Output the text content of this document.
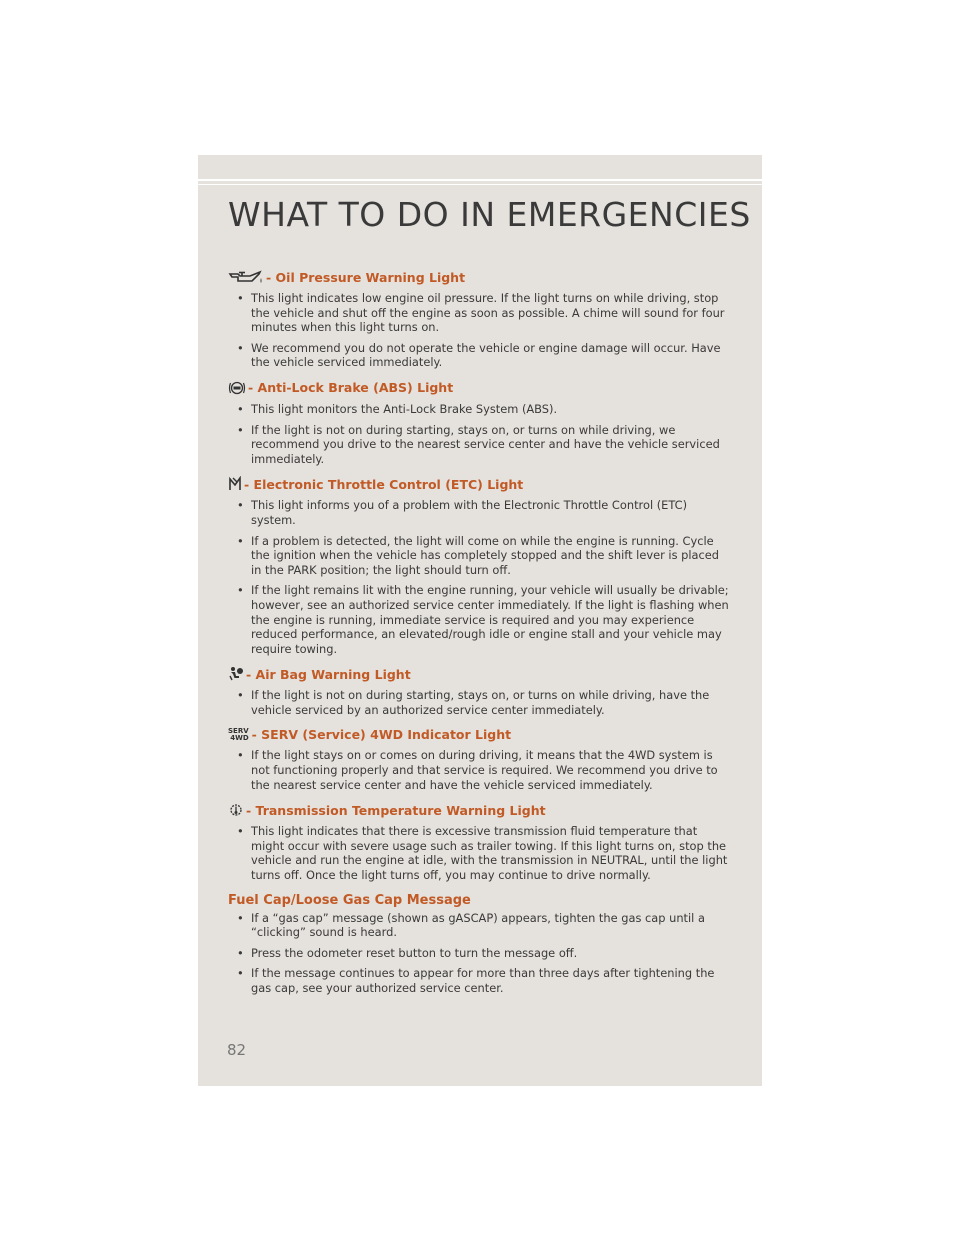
WHAT TO DO IN EMERGENCIES
- Oil Pressure Warning Light
• This light indicates low engine oil pressure. If the light turns on while driving, stop the vehicle and shut off the engine as soon as possible. A chime will sound for four minutes when this light turns on.
• We recommend you do not operate the vehicle or engine damage will occur. Have the vehicle serviced immediately.
- Anti-Lock Brake (ABS) Light
• This light monitors the Anti-Lock Brake System (ABS).
• If the light is not on during starting, stays on, or turns on while driving, we recommend you drive to the nearest service center and have the vehicle serviced immediately.
- Electronic Throttle Control (ETC) Light
• This light informs you of a problem with the Electronic Throttle Control (ETC) system.
• If a problem is detected, the light will come on while the engine is running. Cycle the ignition when the vehicle has completely stopped and the shift lever is placed in the PARK position; the light should turn off.
• If the light remains lit with the engine running, your vehicle will usually be drivable; however, see an authorized service center immediately. If the light is flashing when the engine is running, immediate service is required and you may experience reduced performance, an elevated/rough idle or engine stall and your vehicle may require towing.
- Air Bag Warning Light
• If the light is not on during starting, stays on, or turns on while driving, have the vehicle serviced by an authorized service center immediately.
SERV
4WD - SERV (Service) 4WD Indicator Light
• If the light stays on or comes on during driving, it means that the 4WD system is not functioning properly and that service is required. We recommend you drive to the nearest service center and have the vehicle serviced immediately.
- Transmission Temperature Warning Light
• This light indicates that there is excessive transmission fluid temperature that might occur with severe usage such as trailer towing. If this light turns on, stop the vehicle and run the engine at idle, with the transmission in NEUTRAL, until the light turns off. Once the light turns off, you may continue to drive normally.
Fuel Cap/Loose Gas Cap Message
• If a “gas cap” message (shown as gASCAP) appears, tighten the gas cap until a “clicking” sound is heard.
• Press the odometer reset button to turn the message off.
• If the message continues to appear for more than three days after tightening the gas cap, see your authorized service center.
82
